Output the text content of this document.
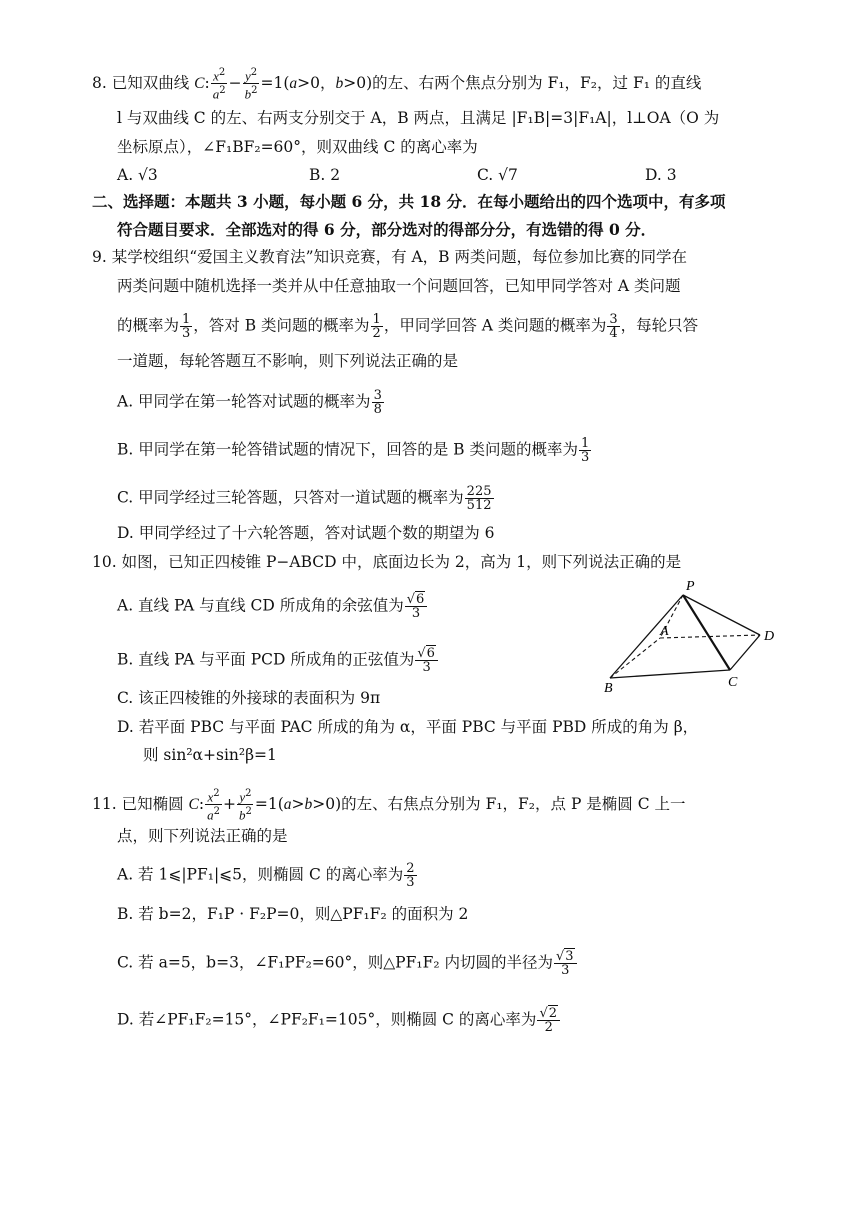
8. 已知双曲线 C: $\frac{x^2}{a^2} - \frac{y^2}{b^2} =1(a>0$，b>0)的左、右两个焦点分别为 F₁，F₂，过 F₁ 的直线
l 与双曲线 C 的左、右两支分别交于 A，B 两点，且满足 |F₁B|=3|F₁A|，l⊥OA（O 为
坐标原点），∠F₁BF₂=60°，则双曲线 C 的离心率为
A. √3	B. 2	C. √7	D. 3
二、选择题：本题共 3 小题，每小题 6 分，共 18 分．在每小题给出的四个选项中，有多项
符合题目要求．全部选对的得 6 分，部分选对的得部分分，有选错的得 0 分．
9. 某学校组织“爱国主义教育法”知识竞赛，有 A，B 两类问题，每位参加比赛的同学在
两类问题中随机选择一类并从中任意抽取一个问题回答，已知甲同学答对 A 类问题
的概率为 $\frac{1}{3}$ ，答对 B 类问题的概率为 $\frac{1}{2}$ ，甲同学回答 A 类问题的概率为 $\frac{3}{4}$ ，每轮只答
一道题，每轮答题互不影响，则下列说法正确的是
A. 甲同学在第一轮答对试题的概率为 $\frac{3}{8}$
B. 甲同学在第一轮答错试题的情况下，回答的是 B 类问题的概率为 $\frac{1}{3}$
C. 甲同学经过三轮答题，只答对一道试题的概率为 $\frac{225}{512}$
D. 甲同学经过了十六轮答题，答对试题个数的期望为 6
10. 如图，已知正四棱锥 P−ABCD 中，底面边长为 2，高为 1，则下列说法正确的是
A. 直线 PA 与直线 CD 所成角的余弦值为 $\frac{√6}{3}$
B. 直线 PA 与平面 PCD 所成角的正弦值为 $\frac{√6}{3}$
C. 该正四棱锥的外接球的表面积为 9π
D. 若平面 PBC 与平面 PAC 所成的角为 α，平面 PBC 与平面 PBD 所成的角为 β，
则 sin²α+sin²β=1
P
A
B	C
D
11. 已知椭圆 C: $\frac{x^2}{a^2} + \frac{y^2}{b^2} =1(a>b>0)$的左、右焦点分别为 F₁，F₂，点 P 是椭圆 C 上一
点，则下列说法正确的是
A. 若 1⩽|PF₁|⩽5，则椭圆 C 的离心率为 $\frac{2}{3}$
B. 若 b=2，F₁P · F₂P=0，则△PF₁F₂ 的面积为 2
C. 若 a=5，b=3，∠F₁PF₂=60°，则△PF₁F₂ 内切圆的半径为 $\frac{√3}{3}$
D. 若∠PF₁F₂=15°，∠PF₂F₁=105°，则椭圆 C 的离心率为 $\frac{√2}{2}$
